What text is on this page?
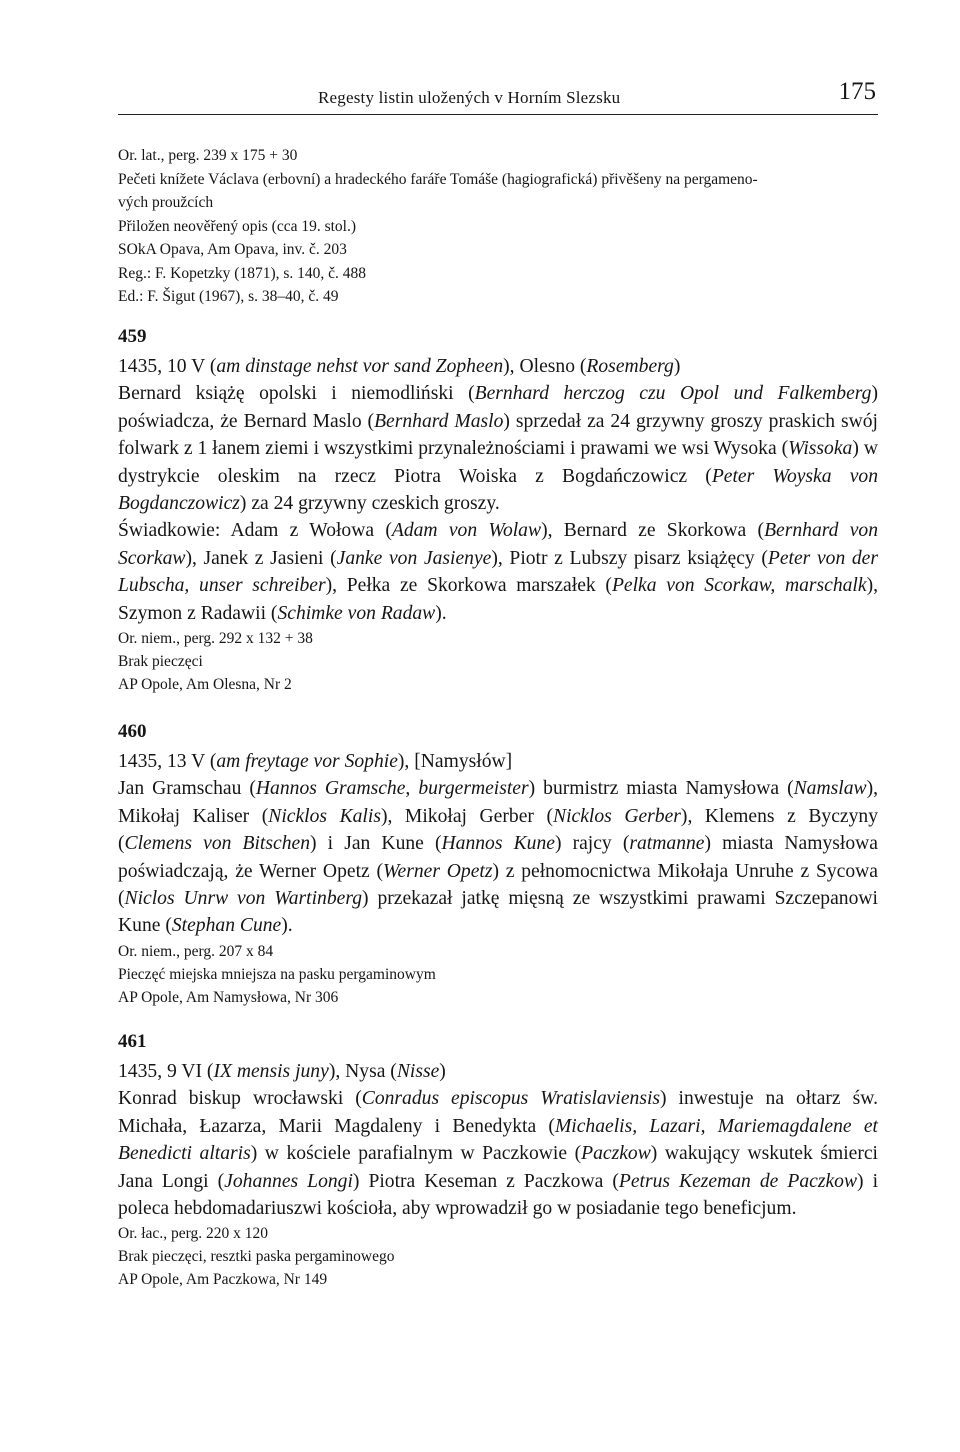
Regesty listin uložených v Horním Slezsku	175
Or. lat., perg. 239 x 175 + 30
Pečeti knížete Václava (erbovní) a hradeckého faráře Tomáše (hagiografická) přivěšeny na pergameno-
vých proužcích
Přiložen neověřený opis (cca 19. stol.)
SOkA Opava, Am Opava, inv. č. 203
Reg.: F. Kopetzky (1871), s. 140, č. 488
Ed.: F. Šigut (1967), s. 38–40, č. 49
459
1435, 10 V (am dinstage nehst vor sand Zopheen), Olesno (Rosemberg)

Bernard książę opolski i niemodliński (Bernhard herczog czu Opol und Falkemberg) poświadcza, że Bernard Maslo (Bernhard Maslo) sprzedał za 24 grzywny groszy praskich swój folwark z 1 łanem ziemi i wszystkimi przynależnościami i prawami we wsi Wysoka (Wissoka) w dystrykcie oleskim na rzecz Piotra Woiska z Bogdańczowicz (Peter Woyska von Bogdanczowicz) za 24 grzywny czeskich groszy.

Świadkowie: Adam z Wołowa (Adam von Wolaw), Bernard ze Skorkowa (Bernhard von Scorkaw), Janek z Jasieni (Janke von Jasienye), Piotr z Lubszy pisarz książęcy (Peter von der Lubscha, unser schreiber), Pełka ze Skorkowa marszałek (Pelka von Scorkaw, marschalk), Szymon z Radawii (Schimke von Radaw).

Or. niem., perg. 292 x 132 + 38
Brak pieczęci
AP Opole, Am Olesna, Nr 2
460
1435, 13 V (am freytage vor Sophie), [Namysłów]

Jan Gramschau (Hannos Gramsche, burgermeister) burmistrz miasta Namysłowa (Namslaw), Mikołaj Kaliser (Nicklos Kalis), Mikołaj Gerber (Nicklos Gerber), Klemens z Byczyny (Clemens von Bitschen) i Jan Kune (Hannos Kune) rajcy (ratmanne) miasta Namysłowa poświadczają, że Werner Opetz (Werner Opetz) z pełnomocnictwa Mikołaja Unruhe z Sycowa (Niclos Unrw von Wartinberg) przekazał jatkę mięsną ze wszystkimi prawami Szczepanowi Kune (Stephan Cune).

Or. niem., perg. 207 x 84
Pieczęć miejska mniejsza na pasku pergaminowym
AP Opole, Am Namysłowa, Nr 306
461
1435, 9 VI (IX mensis juny), Nysa (Nisse)

Konrad biskup wrocławski (Conradus episcopus Wratislaviensis) inwestuje na ołtarz św. Michała, Łazarza, Marii Magdaleny i Benedykta (Michaelis, Lazari, Mariemagdalene et Benedicti altaris) w kościele parafialnym w Paczkowie (Paczkow) wakujący wskutek śmierci Jana Longi (Johannes Longi) Piotra Keseman z Paczkowa (Petrus Kezeman de Paczkow) i poleca hebdomadariuszwi kościoła, aby wprowadził go w posiadanie tego beneficjum.

Or. łac., perg. 220 x 120
Brak pieczęci, resztki paska pergaminowego
AP Opole, Am Paczkowa, Nr 149
